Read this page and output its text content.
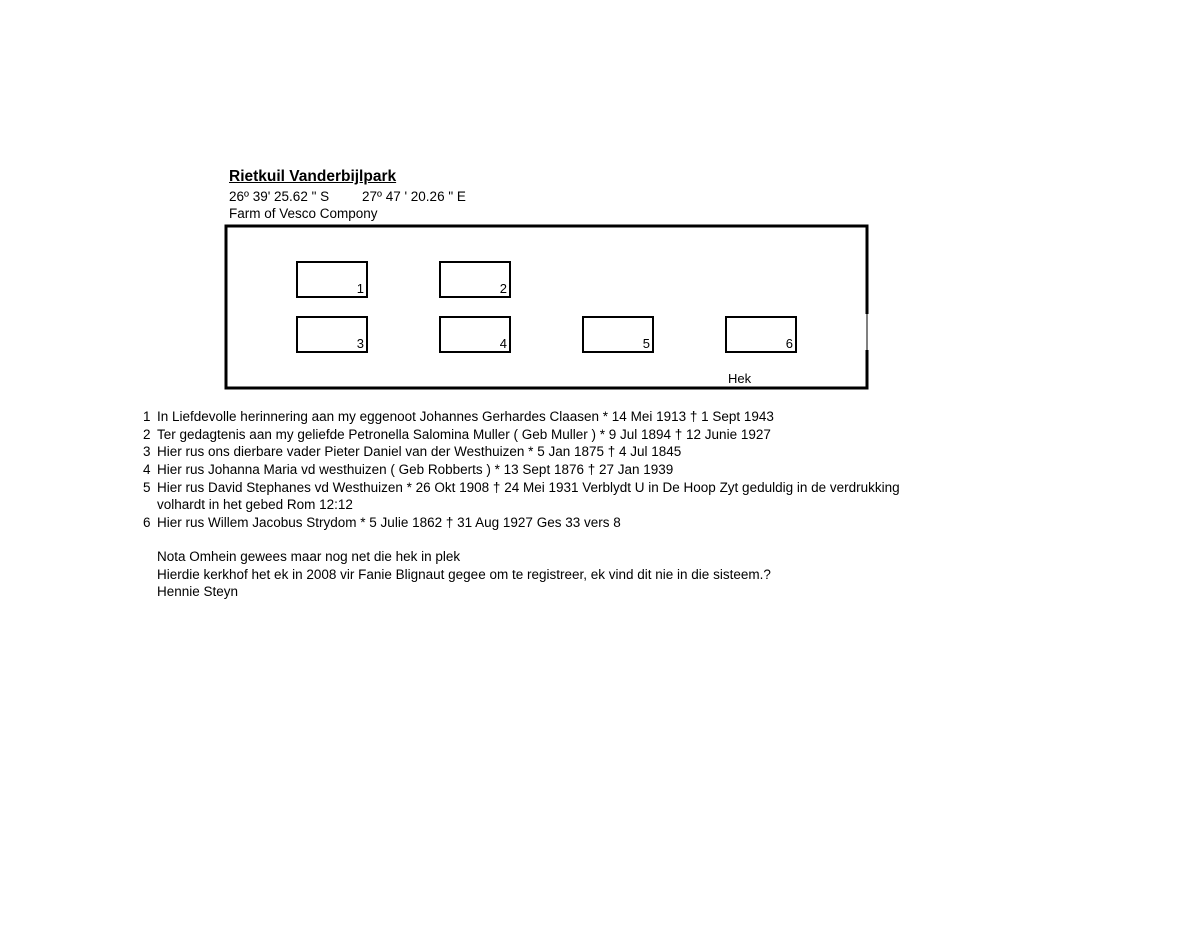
Rietkuil Vanderbijlpark
26º 39' 25.62 " S 27º 47 ' 20.26 " E
Farm of Vesco Compony
1	2
3	4	5	6
Hek
1 In Liefdevolle herinnering aan my eggenoot Johannes Gerhardes Claasen * 14 Mei 1913 † 1 Sept 1943
2 Ter gedagtenis aan my geliefde Petronella Salomina Muller ( Geb Muller ) * 9 Jul 1894 † 12 Junie 1927
3 Hier rus ons dierbare vader Pieter Daniel van der Westhuizen * 5 Jan 1875 † 4 Jul 1845
4 Hier rus Johanna Maria vd westhuizen ( Geb Robberts ) * 13 Sept 1876 † 27 Jan 1939
5 Hier rus David Stephanes vd Westhuizen * 26 Okt 1908 † 24 Mei 1931 Verblydt U in De Hoop Zyt geduldig in de verdrukking
volhardt in het gebed Rom 12:12
6 Hier rus Willem Jacobus Strydom * 5 Julie 1862 † 31 Aug 1927 Ges 33 vers 8
Nota Omhein gewees maar nog net die hek in plek
Hierdie kerkhof het ek in 2008 vir Fanie Blignaut gegee om te registreer, ek vind dit nie in die sisteem.?
Hennie Steyn
